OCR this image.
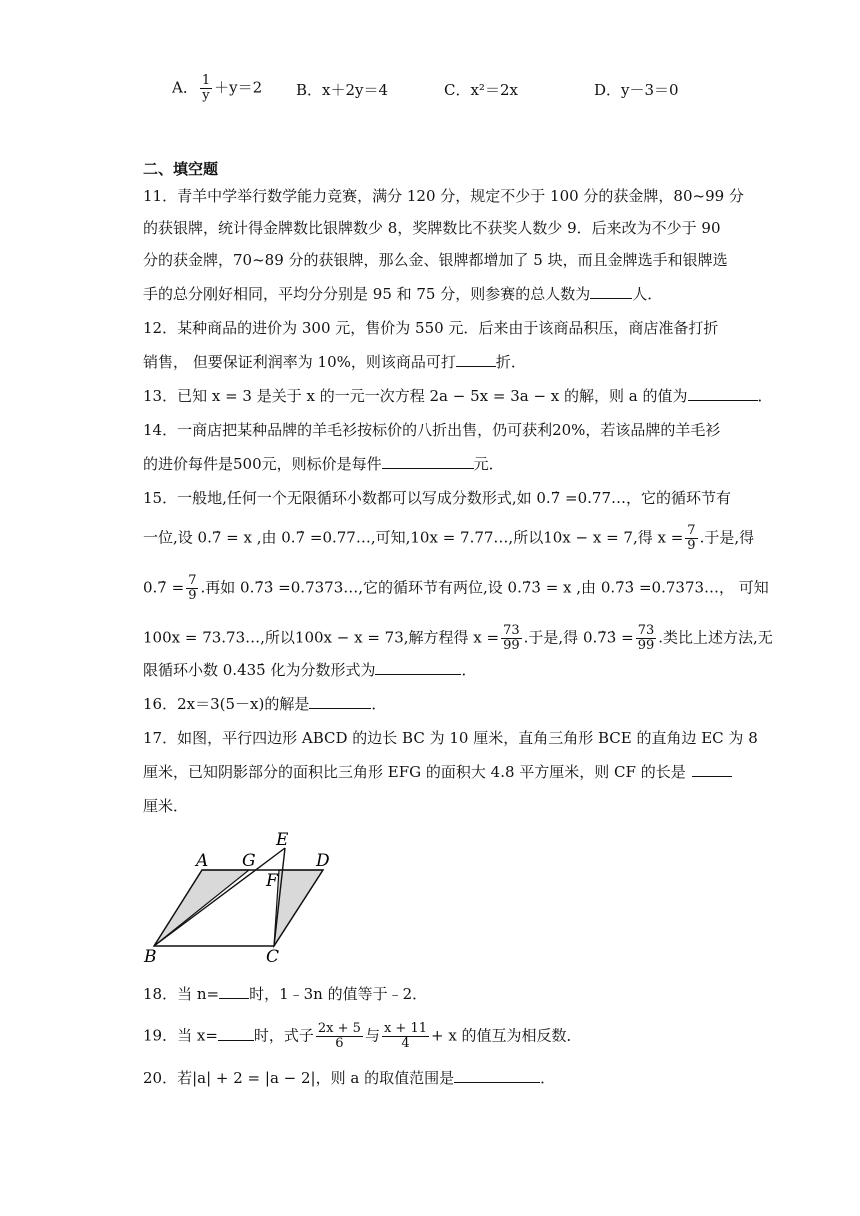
A． $\frac{1}{y} +y=2$ B．x＋2y＝4	C．x²＝2x	D．y－3＝0
二、填空题
11．青羊中学举行数学能力竞赛，满分 120 分，规定不少于 100 分的获金牌，80~99 分
的获银牌，统计得金牌数比银牌数少 8，奖牌数比不获奖人数少 9．后来改为不少于 90
分的获金牌，70~89 分的获银牌，那么金、银牌都增加了 5 块，而且金牌选手和银牌选
手的总分刚好相同，平均分分别是 95 和 75 分，则参赛的总人数为	人．
12．某种商品的进价为 300 元，售价为 550 元．后来由于该商品积压，商店准备打折
销售， 但要保证利润率为 10%，则该商品可打	折．
13．已知 x = 3 是关于 x 的一元一次方程 2a − 5x = 3a − x 的解，则 a 的值为	．
14．一商店把某种品牌的羊毛衫按标价的八折出售，仍可获利20%，若该品牌的羊毛衫
的进价每件是500元，则标价是每件	元．
15．一般地,任何一个无限循环小数都可以写成分数形式,如 0.7̇ =0.77…，它的循环节有
一位,设 0.7̇ = x ,由 0.7̇ =0.77…,可知,10x = 7.77…,所以10x − x = 7,得 $x = \frac{7}{9}$ .于是,得
0.7̇ = $\frac{7}{9}$ .再如 0.7̇3̇ =0.7373…,它的循环节有两位,设 0.7̇3̇ = x ,由 0.7̇3̇ =0.7373…， 可知
100x = 73.73…,所以100x − x = 73,解方程得 $x = \frac{73}{99}$ .于是,得 0.7̇3̇ = $\frac{73}{99}$ .类比上述方法,无
限循环小数 0.4̇35̇ 化为分数形式为	．
16．2x＝3(5－x)的解是	．
17．如图，平行四边形 ABCD 的边长 BC 为 10 厘米，直角三角形 BCE 的直角边 EC 为 8
厘米，已知阴影部分的面积比三角形 EFG 的面积大 4.8 平方厘米，则 CF 的长是
厘米．
A G
E
D
F
B	C
18．当 n= 时，1﹣3n 的值等于﹣2．
19．当 x= 时，式子 $\frac{2x + 5}{6}$ 与 $\frac{x + 11}{4} + x$ 的值互为相反数．
20．若|a| + 2 = |a − 2|，则 a 的取值范围是	．
